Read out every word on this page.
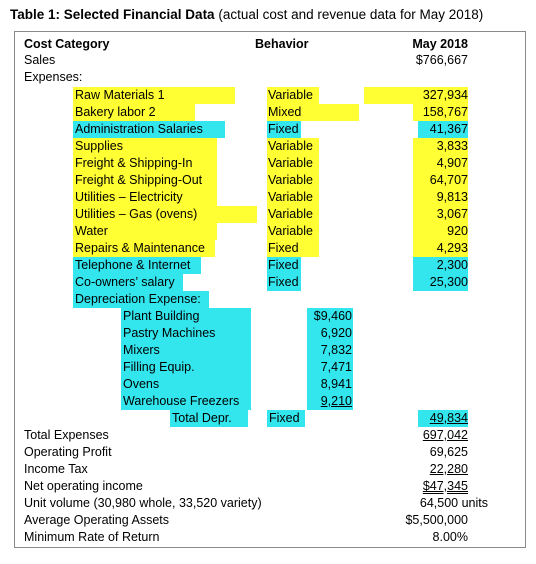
Table 1: Selected Financial Data (actual cost and revenue data for May 2018)
Cost Category	Behavior	May 2018
Sales	$766,667
Expenses:
Raw Materials 1	Variable	327,934
Bakery labor 2	Mixed	158,767
Administration Salaries	Fixed	41,367
Supplies	Variable	3,833
Freight & Shipping-In	Variable	4,907
Freight & Shipping-Out	Variable	64,707
Utilities – Electricity	Variable	9,813
Utilities – Gas (ovens)	Variable	3,067
Water	Variable	920
Repairs & Maintenance	Fixed	4,293
Telephone & Internet	Fixed	2,300
Co-owners’ salary	Fixed	25,300
Depreciation Expense:
Plant Building	$9,460
Pastry Machines	6,920
Mixers	7,832
Filling Equip.	7,471
Ovens	8,941
Warehouse Freezers	9,210
Total Depr.	Fixed	49,834
Total Expenses	697,042
Operating Profit	69,625
Income Tax	22,280
Net operating income	$47,345
Unit volume (30,980 whole, 33,520 variety)	64,500 units
Average Operating Assets	$5,500,000
Minimum Rate of Return	8.00%
